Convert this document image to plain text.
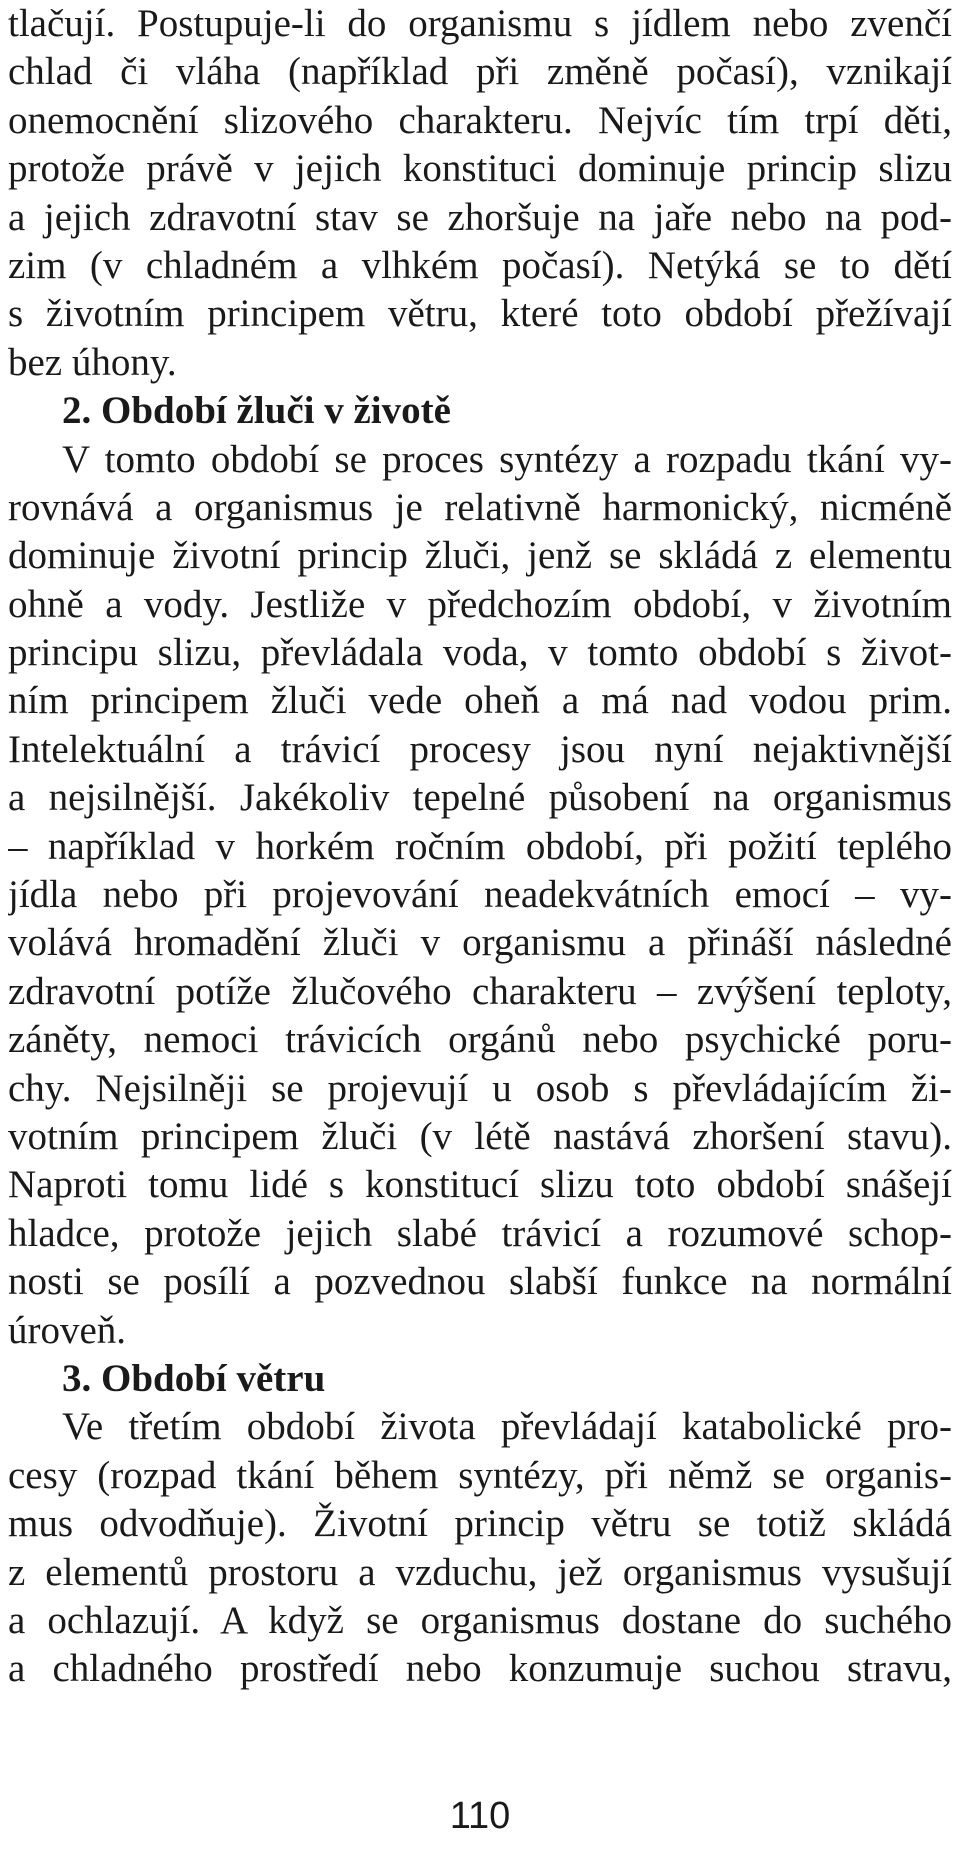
tlačují. Postupuje-li do organismu s jídlem nebo zvenčí
chlad či vláha (například při změně počasí), vznikají
onemocnění slizového charakteru. Nejvíc tím trpí děti,
protože právě v jejich konstituci dominuje princip slizu
a jejich zdravotní stav se zhoršuje na jaře nebo na pod-
zim (v chladném a vlhkém počasí). Netýká se to dětí
s životním principem větru, které toto období přežívají
bez úhony.
2. Období žluči v životě
V tomto období se proces syntézy a rozpadu tkání vy-
rovnává a organismus je relativně harmonický, nicméně
dominuje životní princip žluči, jenž se skládá z elementu
ohně a vody. Jestliže v předchozím období, v životním
principu slizu, převládala voda, v tomto období s život-
ním principem žluči vede oheň a má nad vodou prim.
Intelektuální a trávicí procesy jsou nyní nejaktivnější
a nejsilnější. Jakékoliv tepelné působení na organismus
– například v horkém ročním období, při požití teplého
jídla nebo při projevování neadekvátních emocí – vy-
volává hromadění žluči v organismu a přináší následné
zdravotní potíže žlučového charakteru – zvýšení teploty,
záněty, nemoci trávicích orgánů nebo psychické poru-
chy. Nejsilněji se projevují u osob s převládajícím ži-
votním principem žluči (v létě nastává zhoršení stavu).
Naproti tomu lidé s konstitucí slizu toto období snášejí
hladce, protože jejich slabé trávicí a rozumové schop-
nosti se posílí a pozvednou slabší funkce na normální
úroveň.
3. Období větru
Ve třetím období života převládají katabolické pro-
cesy (rozpad tkání během syntézy, při němž se organis-
mus odvodňuje). Životní princip větru se totiž skládá
z elementů prostoru a vzduchu, jež organismus vysušují
a ochlazují. A když se organismus dostane do suchého
a chladného prostředí nebo konzumuje suchou stravu,
110
